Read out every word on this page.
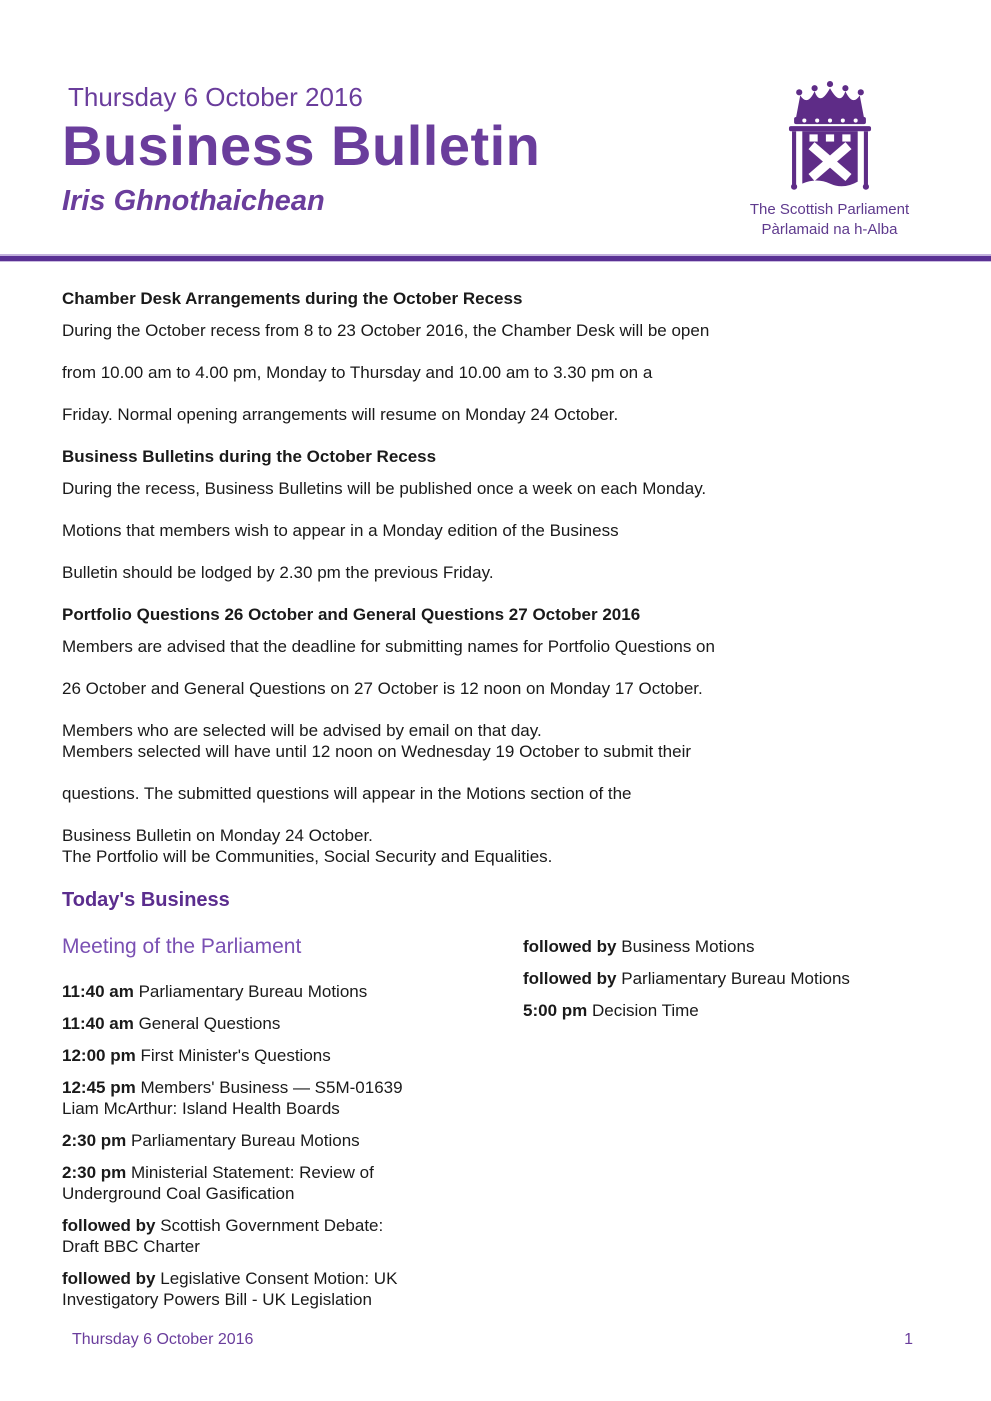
Thursday 6 October 2016
Business Bulletin
Iris Ghnothaichean	The Scottish Parliament
Pàrlamaid na h-Alba

Chamber Desk Arrangements during the October Recess

During the October recess from 8 to 23 October 2016, the Chamber Desk will be open

from 10.00 am to 4.00 pm, Monday to Thursday and 10.00 am to 3.30 pm on a

Friday. Normal opening arrangements will resume on Monday 24 October.

Business Bulletins during the October Recess

During the recess, Business Bulletins will be published once a week on each Monday.

Motions that members wish to appear in a Monday edition of the Business

Bulletin should be lodged by 2.30 pm the previous Friday.

Portfolio Questions 26 October and General Questions 27 October 2016

Members are advised that the deadline for submitting names for Portfolio Questions on

26 October and General Questions on 27 October is 12 noon on Monday 17 October.

Members who are selected will be advised by email on that day.
Members selected will have until 12 noon on Wednesday 19 October to submit their

questions. The submitted questions will appear in the Motions section of the

Business Bulletin on Monday 24 October.
The Portfolio will be Communities, Social Security and Equalities.

Today's Business
Meeting of the Parliament

11:40 am Parliamentary Bureau Motions

11:40 am General Questions

12:00 pm First Minister's Questions

12:45 pm Members' Business — S5M-01639
Liam McArthur: Island Health Boards

2:30 pm Parliamentary Bureau Motions

2:30 pm Ministerial Statement: Review of
Underground Coal Gasification

followed by Scottish Government Debate:
Draft BBC Charter

followed by Legislative Consent Motion: UK
Investigatory Powers Bill - UK Legislation

followed by Business Motions

followed by Parliamentary Bureau Motions

5:00 pm Decision Time

Thursday 6 October 2016	1
